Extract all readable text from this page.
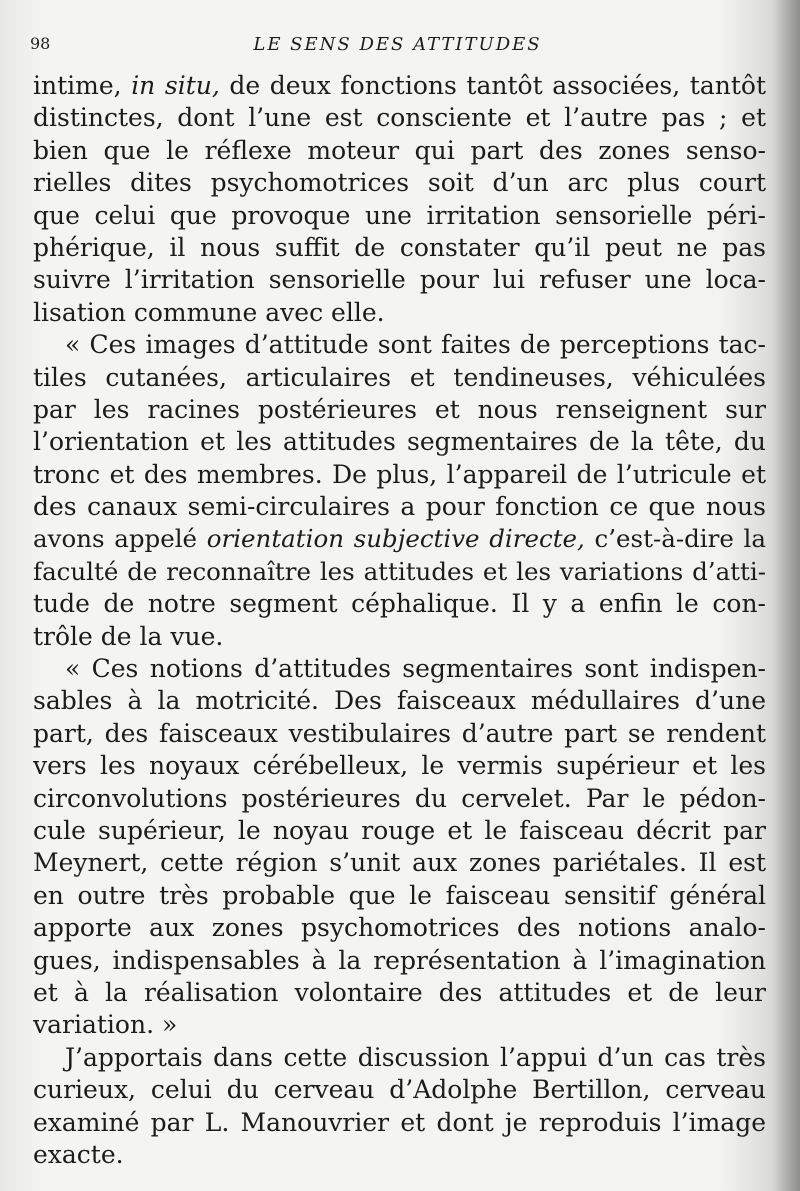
98	LE SENS DES ATTITUDES
intime, in situ, de deux fonctions tantôt associées, tantôt
distinctes, dont l’une est consciente et l’autre pas ; et
bien que le réflexe moteur qui part des zones senso-
rielles dites psychomotrices soit d’un arc plus court
que celui que provoque une irritation sensorielle péri-
phérique, il nous suffit de constater qu’il peut ne pas
suivre l’irritation sensorielle pour lui refuser une loca-
lisation commune avec elle.
« Ces images d’attitude sont faites de perceptions tac-
tiles cutanées, articulaires et tendineuses, véhiculées
par les racines postérieures et nous renseignent sur
l’orientation et les attitudes segmentaires de la tête, du
tronc et des membres. De plus, l’appareil de l’utricule et
des canaux semi-circulaires a pour fonction ce que nous
avons appelé orientation subjective directe, c’est-à-dire la
faculté de reconnaître les attitudes et les variations d’atti-
tude de notre segment céphalique. Il y a enfin le con-
trôle de la vue.
« Ces notions d’attitudes segmentaires sont indispen-
sables à la motricité. Des faisceaux médullaires d’une
part, des faisceaux vestibulaires d’autre part se rendent
vers les noyaux cérébelleux, le vermis supérieur et les
circonvolutions postérieures du cervelet. Par le pédon-
cule supérieur, le noyau rouge et le faisceau décrit par
Meynert, cette région s’unit aux zones pariétales. Il est
en outre très probable que le faisceau sensitif général
apporte aux zones psychomotrices des notions analo-
gues, indispensables à la représentation à l’imagination
et à la réalisation volontaire des attitudes et de leur
variation. »
J’apportais dans cette discussion l’appui d’un cas très
curieux, celui du cerveau d’Adolphe Bertillon, cerveau
examiné par L. Manouvrier et dont je reproduis l’image
exacte.
